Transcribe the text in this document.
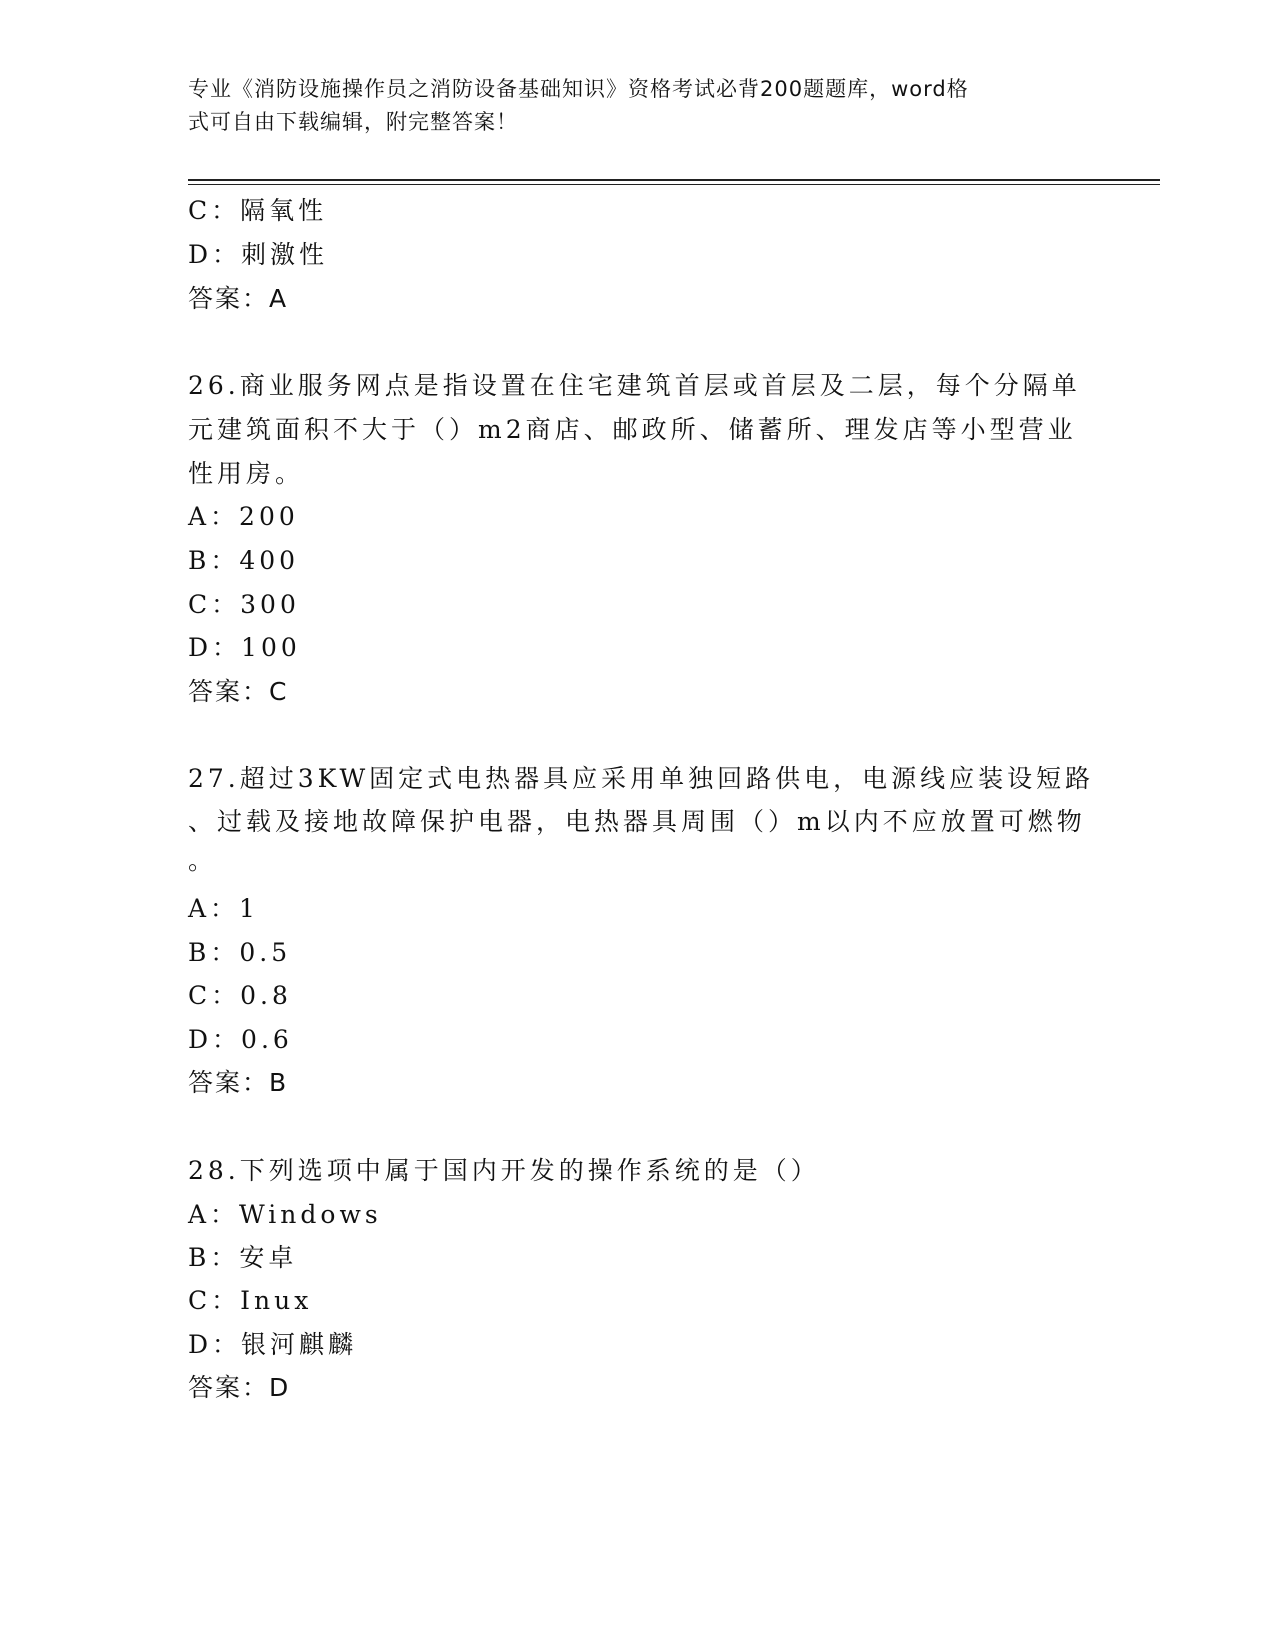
专业《消防设施操作员之消防设备基础知识》资格考试必背200题题库，word格
式可自由下载编辑，附完整答案！
C：隔氧性
D：刺激性
答案：A
26.商业服务网点是指设置在住宅建筑首层或首层及二层，每个分隔单
元建筑面积不大于（）m2商店、邮政所、储蓄所、理发店等小型营业
性用房。
A：200
B：400
C：300
D：100
答案：C
27.超过3KW固定式电热器具应采用单独回路供电，电源线应装设短路
、过载及接地故障保护电器，电热器具周围（）m以内不应放置可燃物
。
A：1
B：0.5
C：0.8
D：0.6
答案：B
28.下列选项中属于国内开发的操作系统的是（）
A：Windows
B：安卓
C：Inux
D：银河麒麟
答案：D
